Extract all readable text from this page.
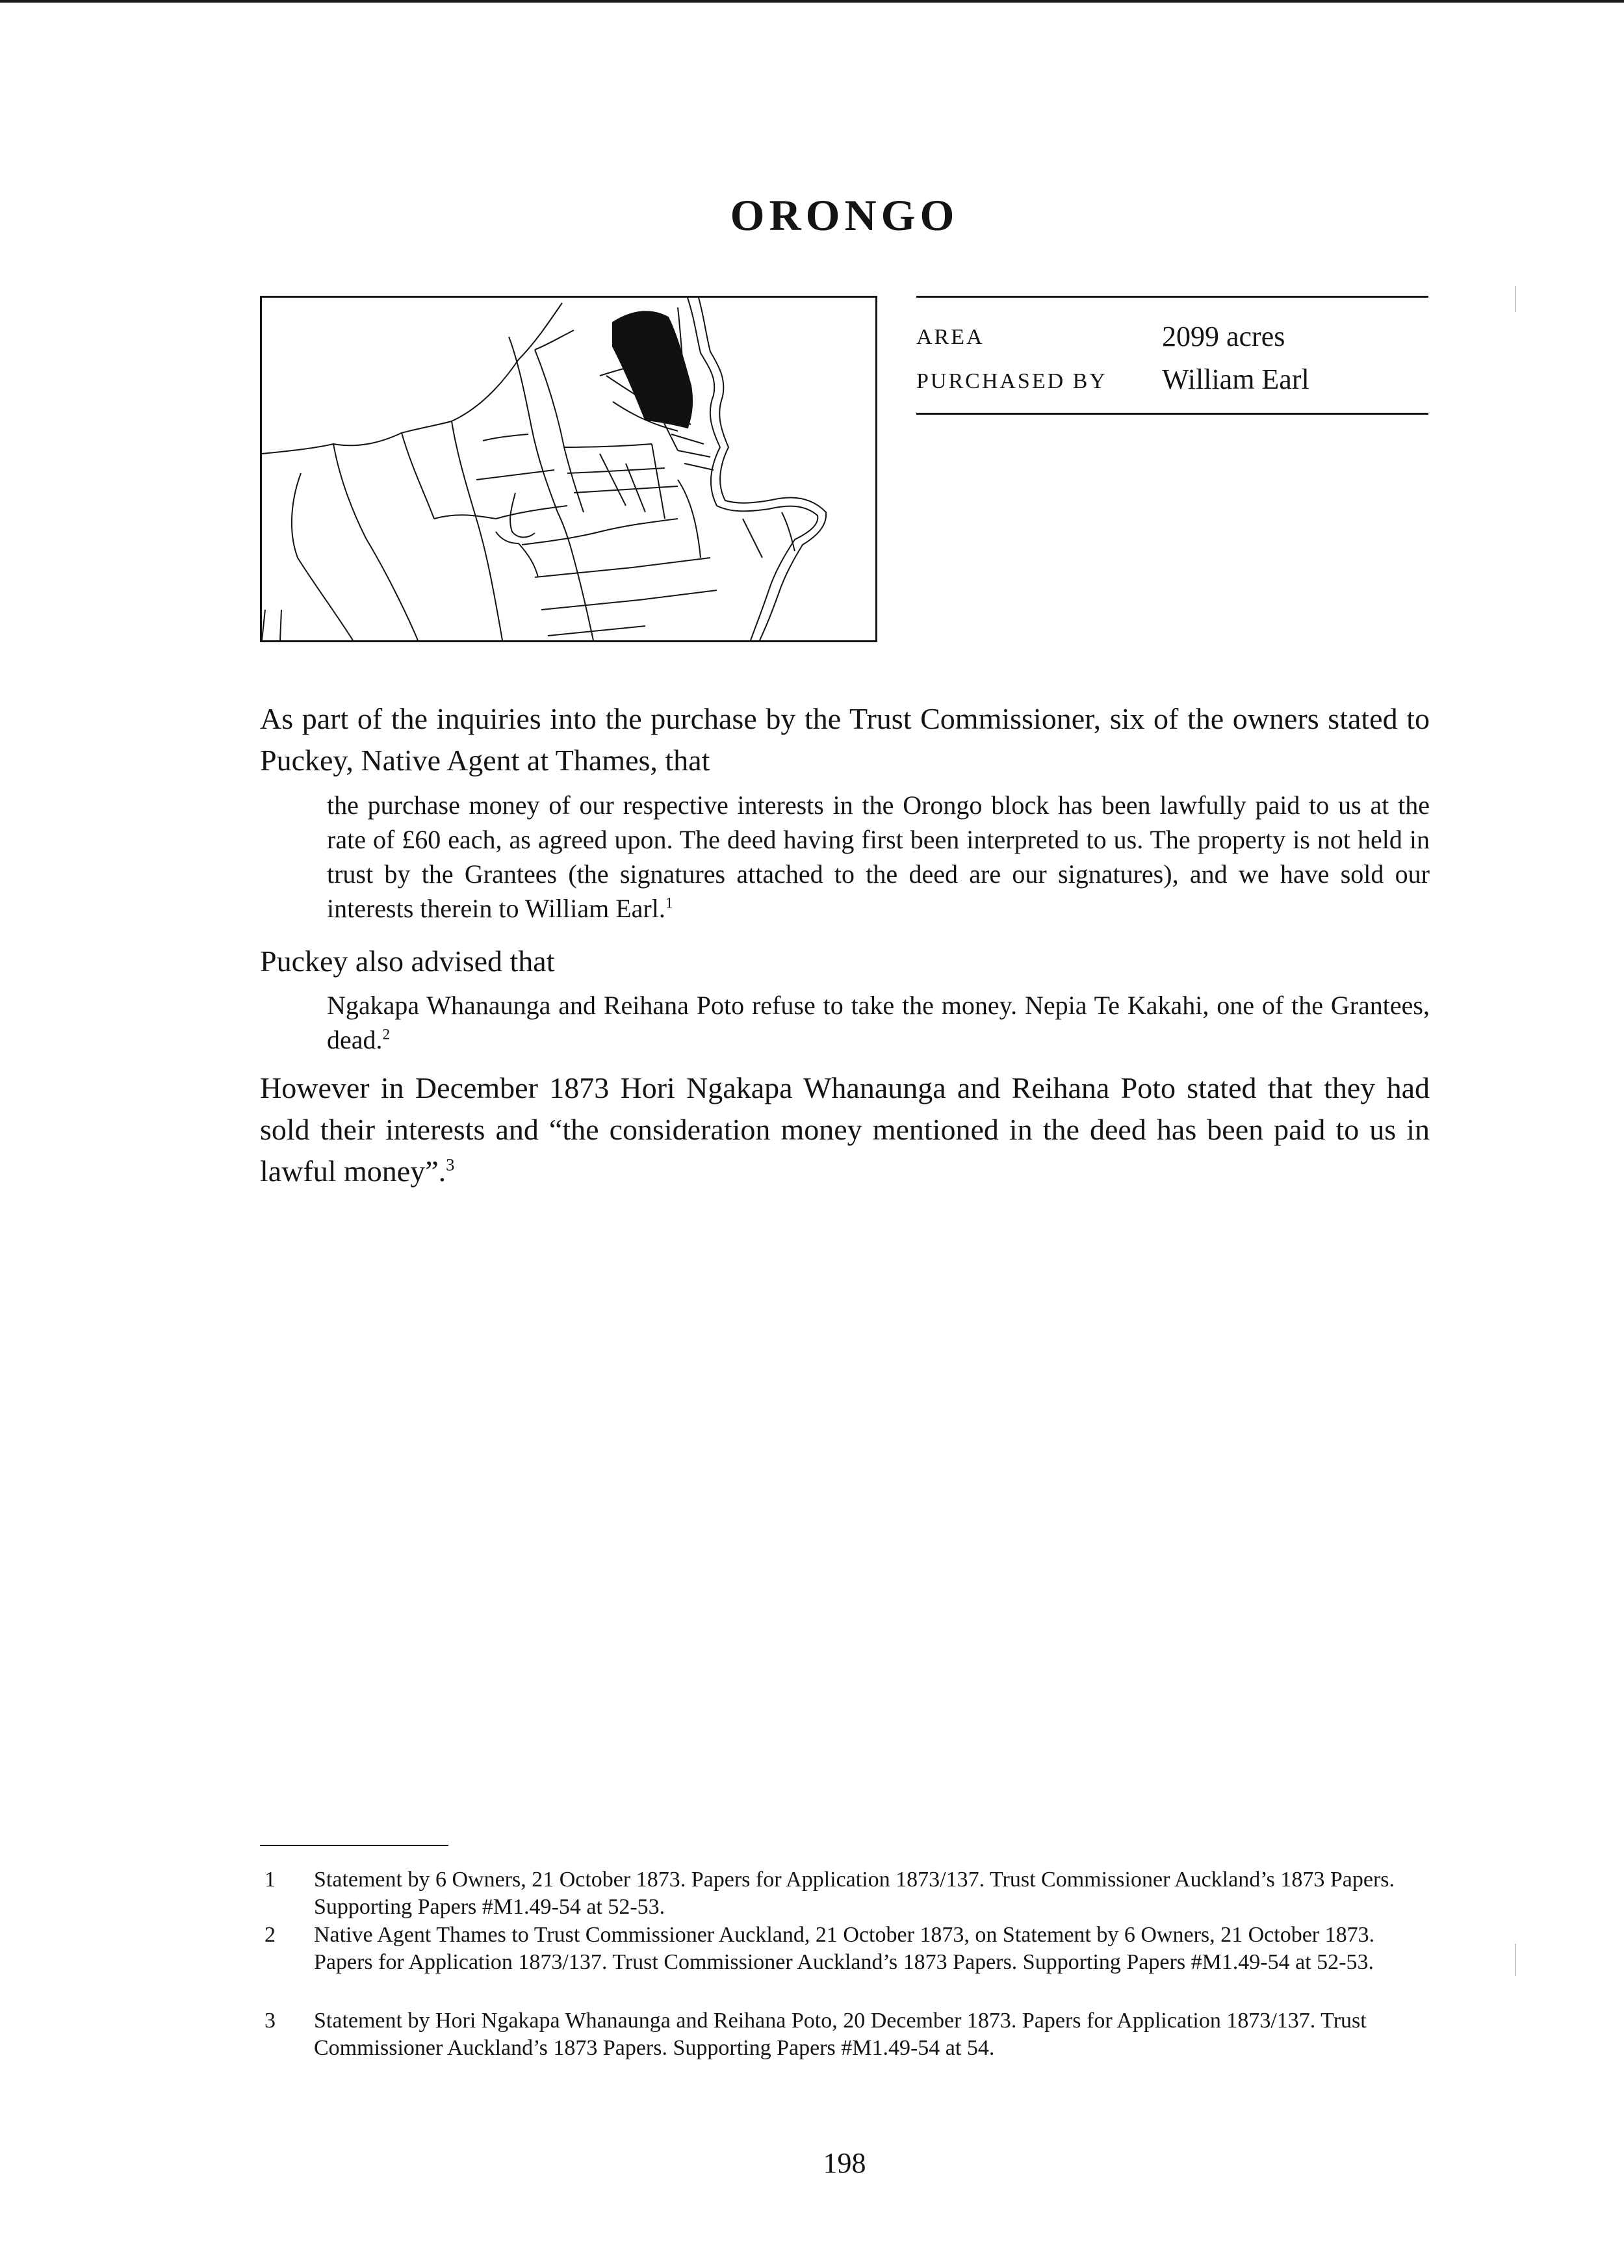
ORONGO
AREA	2099 acres
PURCHASED BY William Earl

As part of the inquiries into the purchase by the Trust Commissioner, six of the owners stated to Puckey, Native Agent at Thames, that

the purchase money of our respective interests in the Orongo block has been lawfully paid to us at the rate of £60 each, as agreed upon. The deed having first been interpreted to us. The property is not held in trust by the Grantees (the signatures attached to the deed are our signatures), and we have sold our interests therein to William Earl.$^1$

Puckey also advised that

Ngakapa Whanaunga and Reihana Poto refuse to take the money. Nepia Te Kakahi, one of the Grantees, dead.$^2$

However in December 1873 Hori Ngakapa Whanaunga and Reihana Poto stated that they had sold their interests and “the consideration money mentioned in the deed has been paid to us in lawful money”.$^3$

1 Statement by 6 Owners, 21 October 1873. Papers for Application 1873/137. Trust Commissioner Auckland’s 1873 Papers. Supporting Papers #M1.49-54 at 52-53.
2 Native Agent Thames to Trust Commissioner Auckland, 21 October 1873, on Statement by 6 Owners, 21 October 1873. Papers for Application 1873/137. Trust Commissioner Auckland’s 1873 Papers. Supporting Papers #M1.49-54 at 52-53.
3 Statement by Hori Ngakapa Whanaunga and Reihana Poto, 20 December 1873. Papers for Application 1873/137. Trust Commissioner Auckland’s 1873 Papers. Supporting Papers #M1.49-54 at 54.
198
